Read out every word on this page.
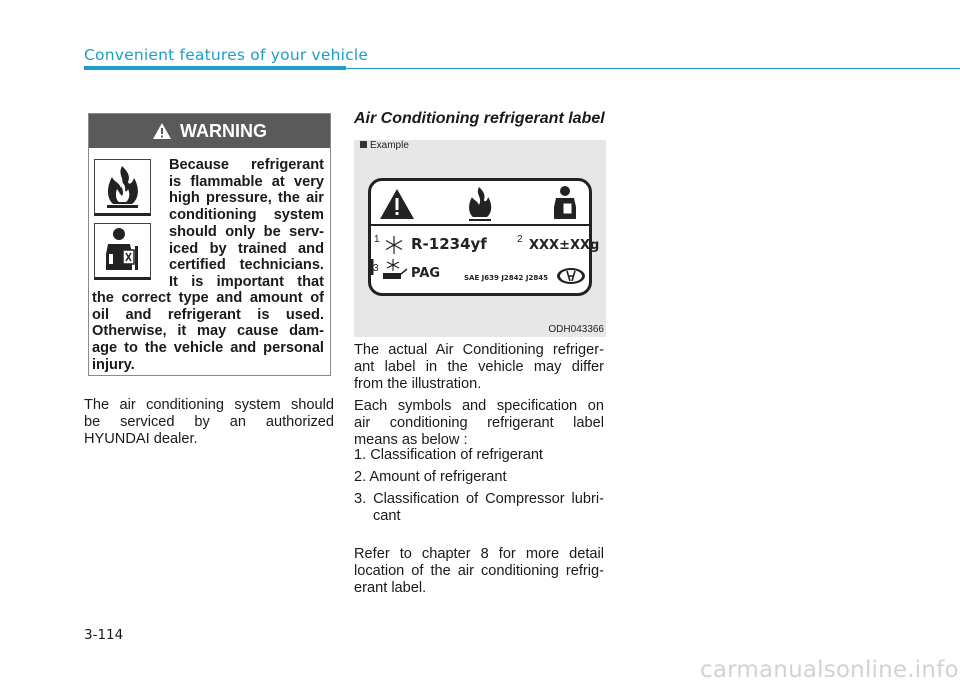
Convenient features of your vehicle
WARNING
Because refrigerant
is flammable at very
high pressure, the air
conditioning system
should only be serv-
iced by trained and
certified technicians.
It is important that
the correct type and amount of
oil and refrigerant is used.
Otherwise, it may cause dam-
age to the vehicle and personal
injury.
The air conditioning system should
be serviced by an authorized
HYUNDAI dealer.
Air Conditioning refrigerant label
Example
1 R-1234yf	2 XXX±XXg
3 PAG	SAE J639 J2842 J2845
ODH043366
The actual Air Conditioning refriger-
ant label in the vehicle may differ
from the illustration.
Each symbols and specification on
air conditioning refrigerant label
means as below :
1. Classification of refrigerant
2. Amount of refrigerant
3. Classification of Compressor lubri-
cant
Refer to chapter 8 for more detail
location of the air conditioning refrig-
erant label.
3-114
carmanualsonline.info
